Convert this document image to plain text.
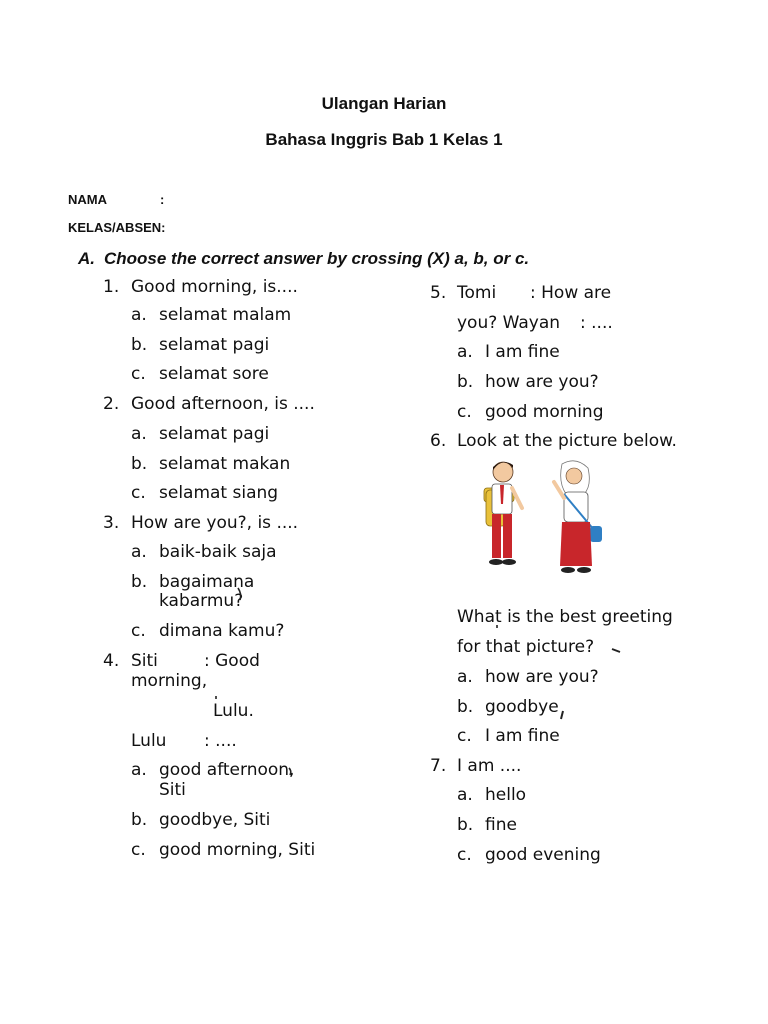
Ulangan Harian
Bahasa Inggris Bab 1 Kelas 1
NAMA	:
KELAS/ABSEN:
A. Choose the correct answer by crossing (X) a, b, or c.
1. Good morning, is....
a. selamat malam
b. selamat pagi
c. selamat sore
2. Good afternoon, is ....
a. selamat pagi
b. selamat makan
c. selamat siang
3. How are you?, is ....
a. baik-baik saja
b. bagaimana
kabarmu?
c. dimana kamu?
4. Siti	: Good
morning,
Lulu.
Lulu : ....
a. good afternoon,
Siti
b. goodbye, Siti
c. good morning, Siti
5. Tomi : How are
you? Wayan : ....
a. I am fine
b. how are you?
c. good morning
6. Look at the picture below.
What is the best greeting
for that picture?
a. how are you?
b. goodbye
c. I am fine
7. I am ....
a. hello
b. fine
c. good evening
